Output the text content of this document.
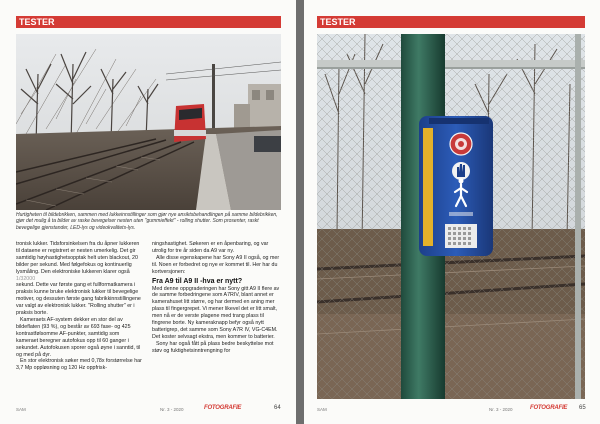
TESTER
Hurtigheten til bildebrikken, sammen med lukkeinnstillinger som gjør nye ansiktsbehandlingen på samme bildebrikken, gjør det mulig å ta bilder av raske bevegelser nesten uten "gummieffekt" - rolling shutter. Som prosenter, raskt bevegelige gjenstander, LED-lys og videokvalitets-lys.

tronisk lukker. Tidsforsinkelsen fra du åpner lukkeren til dataene er registrert er nesten umerkelig. Det gir samtidig høyhastighetsopptak helt uten blackout, 20 bilder per sekund. Med følgefokus og kontinuerlig lysmåling. Den elektroniske lukkeren klarer også 1/32000

sekund. Dette var første gang et fullformatkamera i praksis kunne bruke elektronisk lukker til bevegelige motiver, og dessuten første gang fabrikkinnstillingene var valgt av elektronisk lukker. "Rolling shutter" er i praksis borte.

Kameraets AF-system dekker en stor del av bildeflaten (93 %), og består av 693 fase- og 425 kontrastfølsomme AF-punkter, samtidig som kameraet beregner autofokus opp til 60 ganger i sekundet. Autofokusen sporer også øyne i sanntid, til og med på dyr.

En stor elektronisk søker med 0,78x forstørrelse har 3,7 Mp oppløsning og 120 Hz oppfrisk-

ningshastighet. Søkeren er en åpenbaring, og var utrolig for tre år siden da A9 var ny.

Alle disse egenskapene har Sony A9 II også, og mer til. Noen er forbedret og nye er kommet til. Her har du kortversjonen:

Fra A9 til A9 II -hva er nytt?

Med denne oppgraderingen har Sony gitt A9 II flere av de samme forbedringene som A7RIV, blant annet er kamerahuset litt større, og har dermed en aning mer plass til fingergrepet. Vi mener likevel det er litt smalt, men nå er de verste plagene med trang plass til fingrene borte. Ny kameraknapp befyr også nytt batterigrep, det samme som Sony A7R IV, VG-C4EM. Det koster selvsagt ekstra, men kommer to batterier.

Sony har også fått på plass bedre beskyttelse mot støv og fuktighetsinntrengning for

SAM	Nr. 3 - 2020	FOTOGRAFIE	64
TESTER
SAM	Nr. 3 - 2020	FOTOGRAFIE 65
